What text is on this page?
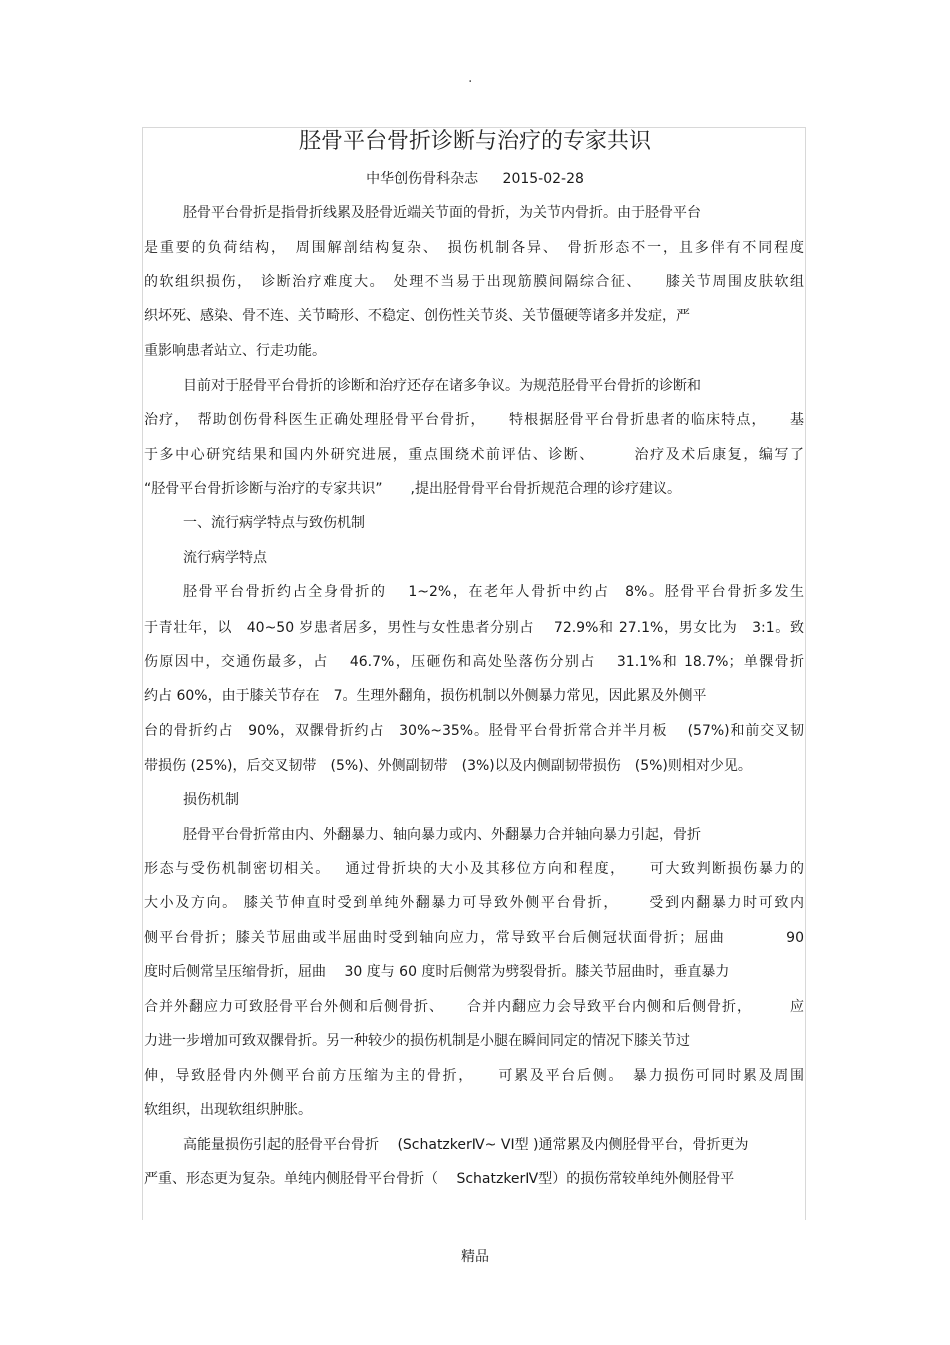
.
胫骨平台骨折诊断与治疗的专家共识
中华创伤骨科杂志 2015-02-28
胫骨平台骨折是指骨折线累及胫骨近端关节面的骨折，为关节内骨折。由于胫骨平台
是重要的负荷结构，　周围解剖结构复杂、　损伤机制各异、　骨折形态不一，且多伴有不同程度
的软组织损伤，　诊断治疗难度大。　处理不当易于出现筋膜间隔综合征、　　膝关节周围皮肤软组
织坏死、感染、骨不连、关节畸形、不稳定、创伤性关节炎、关节僵硬等诸多并发症，严
重影响患者站立、行走功能。
目前对于胫骨平台骨折的诊断和治疗还存在诸多争议。为规范胫骨平台骨折的诊断和
治疗，　帮助创伤骨科医生正确处理胫骨平台骨折，　　特根据胫骨平台骨折患者的临床特点，　　基
于多中心研究结果和国内外研究进展，重点围绕术前评估、诊断、　　　治疗及术后康复，编写了
“胫骨平台骨折诊断与治疗的专家共识”　　,提出胫骨骨平台骨折规范合理的诊疗建议。
一、流行病学特点与致伤机制
流行病学特点
胫骨平台骨折约占全身骨折的　 1~2%，在老年人骨折中约占　8%。胫骨平台骨折多发生
于青壮年，以　40~50 岁患者居多，男性与女性患者分别占　 72.9%和 27.1%，男女比为　3:1。致
伤原因中，交通伤最多，占　 46.7%，压砸伤和高处坠落伤分别占　 31.1%和 18.7%；单髁骨折
约占 60%，由于膝关节存在　7。生理外翻角，损伤机制以外侧暴力常见，因此累及外侧平
台的骨折约占　90%，双髁骨折约占　30%~35%。胫骨平台骨折常合并半月板　 (57%)和前交叉韧
带损伤 (25%)，后交叉韧带　(5%)、外侧副韧带　(3%)以及内侧副韧带损伤　(5%)则相对少见。
损伤机制
胫骨平台骨折常由内、外翻暴力、轴向暴力或内、外翻暴力合并轴向暴力引起，骨折
形态与受伤机制密切相关。　 通过骨折块的大小及其移位方向和程度，　　可大致判断损伤暴力的
大小及方向。 膝关节伸直时受到单纯外翻暴力可导致外侧平台骨折，　　 受到内翻暴力时可致内
侧平台骨折；膝关节屈曲或半屈曲时受到轴向应力，常导致平台后侧冠状面骨折；屈曲　　　　90
度时后侧常呈压缩骨折，屈曲　 30 度与 60 度时后侧常为劈裂骨折。膝关节屈曲时，垂直暴力
合并外翻应力可致胫骨平台外侧和后侧骨折、　　合并内翻应力会导致平台内侧和后侧骨折，　　　应
力进一步增加可致双髁骨折。另一种较少的损伤机制是小腿在瞬间同定的情况下膝关节过
伸，导致胫骨内外侧平台前方压缩为主的骨折，　　可累及平台后侧。　暴力损伤可同时累及周围
软组织，出现软组织肿胀。
高能量损伤引起的胫骨平台骨折　 (SchatzkerⅣ~ VI型 )通常累及内侧胫骨平台，骨折更为
严重、形态更为复杂。单纯内侧胫骨平台骨折（　 SchatzkerⅣ型）的损伤常较单纯外侧胫骨平
精品
